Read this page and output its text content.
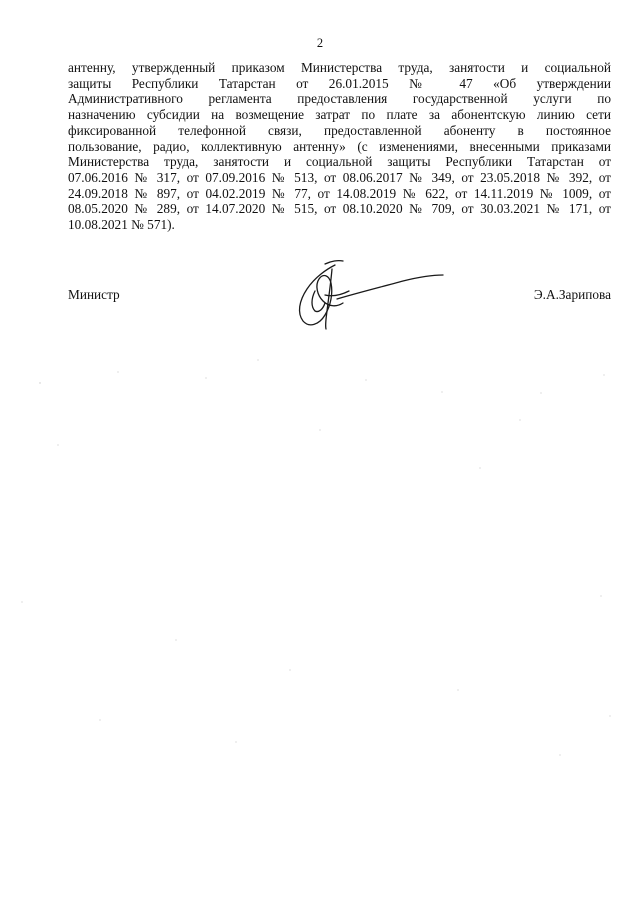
2

антенну, утвержденный приказом Министерства труда, занятости и социальной
защиты Республики Татарстан от 26.01.2015 № 47 «Об утверждении
Административного регламента предоставления государственной услуги по
назначению субсидии на возмещение затрат по плате за абонентскую линию сети
фиксированной телефонной связи, предоставленной абоненту в постоянное
пользование, радио, коллективную антенну» (с изменениями, внесенными приказами
Министерства труда, занятости и социальной защиты Республики Татарстан от
07.06.2016 № 317, от 07.09.2016 № 513, от 08.06.2017 № 349, от 23.05.2018 № 392, от
24.09.2018 № 897, от 04.02.2019 № 77, от 14.08.2019 № 622, от 14.11.2019 № 1009, от
08.05.2020 № 289, от 14.07.2020 № 515, от 08.10.2020 № 709, от 30.03.2021 № 171, от
10.08.2021 № 571).

Министр	Э.А.Зарипова
